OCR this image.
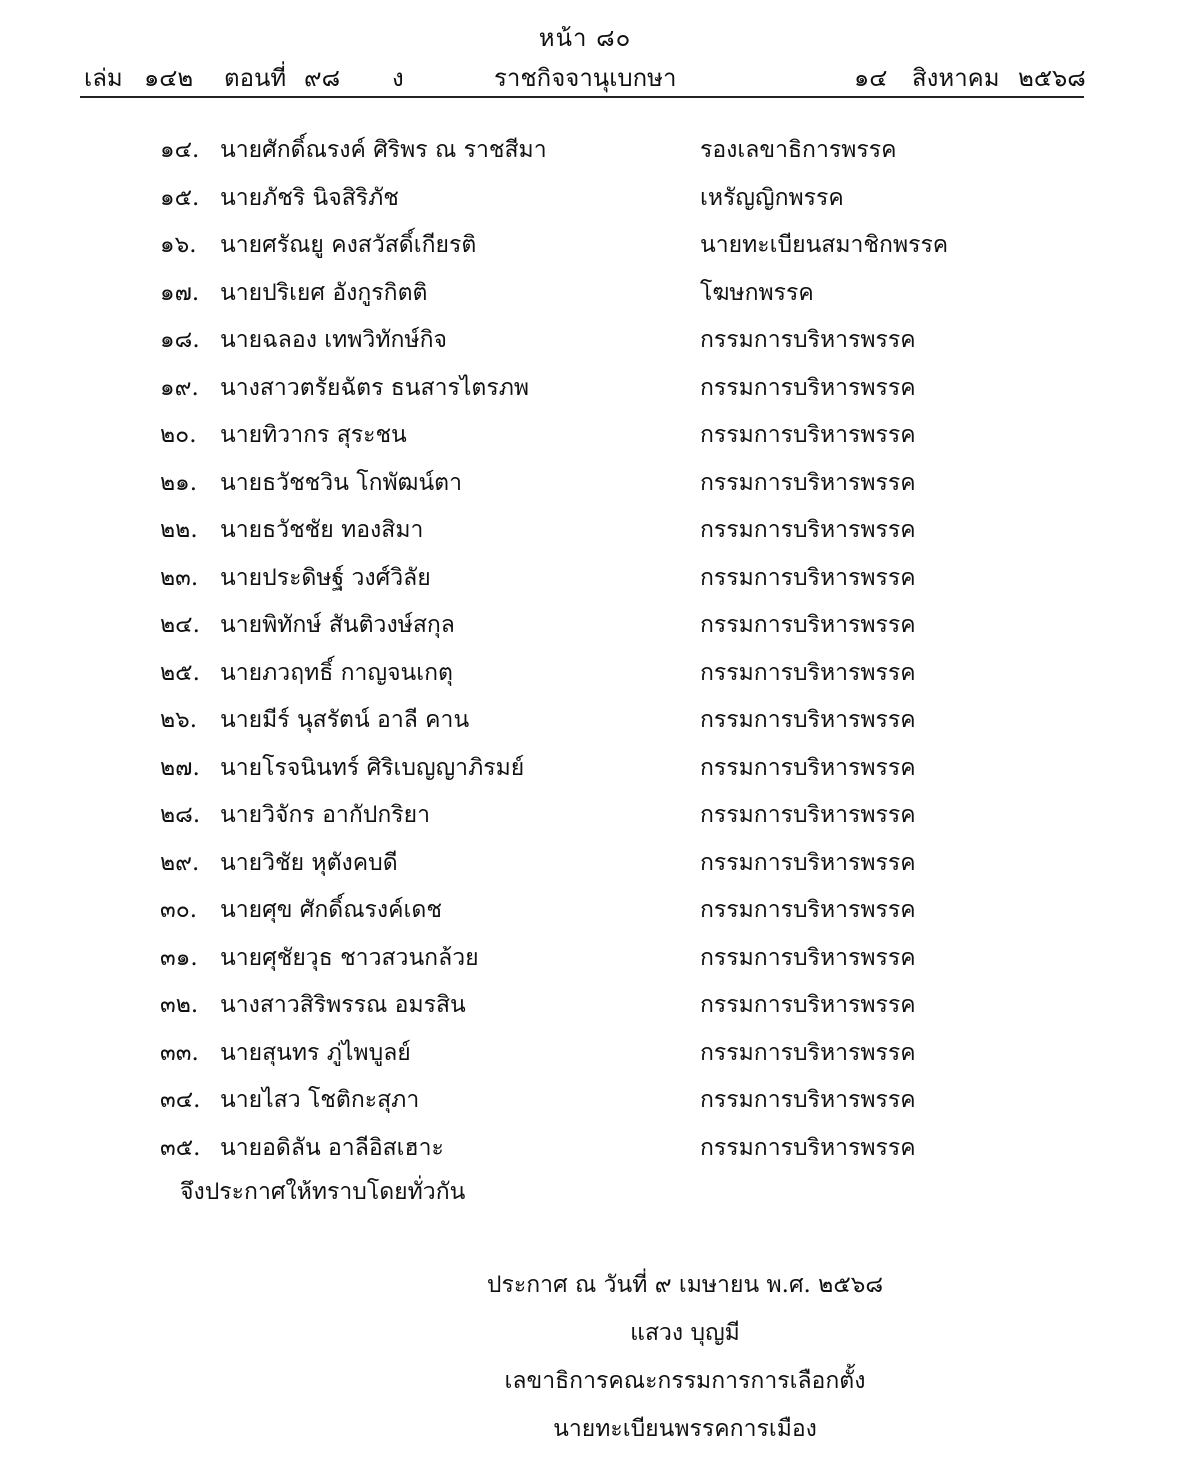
หน้า ๘๐
เล่ม ๑๔๒ ตอนที่ ๙๘ ง	ราชกิจจานุเบกษา	๑๔ สิงหาคม ๒๕๖๘
๑๔. นายศักดิ์ณรงค์ ศิริพร ณ ราชสีมา	รองเลขาธิการพรรค
๑๕. นายภัชริ นิจสิริภัช	เหรัญญิกพรรค
๑๖. นายศรัณยู คงสวัสดิ์เกียรติ	นายทะเบียนสมาชิกพรรค
๑๗. นายปริเยศ อังกูรกิตติ	โฆษกพรรค
๑๘. นายฉลอง เทพวิทักษ์กิจ	กรรมการบริหารพรรค
๑๙. นางสาวตรัยฉัตร ธนสารไตรภพ	กรรมการบริหารพรรค
๒๐. นายทิวากร สุระชน	กรรมการบริหารพรรค
๒๑. นายธวัชชวิน โกพัฒน์ตา	กรรมการบริหารพรรค
๒๒. นายธวัชชัย ทองสิมา	กรรมการบริหารพรรค
๒๓. นายประดิษฐ์ วงศ์วิลัย	กรรมการบริหารพรรค
๒๔. นายพิทักษ์ สันติวงษ์สกุล	กรรมการบริหารพรรค
๒๕. นายภวฤทธิ์ กาญจนเกตุ	กรรมการบริหารพรรค
๒๖. นายมีร์ นุสรัตน์ อาลี คาน	กรรมการบริหารพรรค
๒๗. นายโรจนินทร์ ศิริเบญญาภิรมย์	กรรมการบริหารพรรค
๒๘. นายวิจักร อากัปกริยา	กรรมการบริหารพรรค
๒๙. นายวิชัย หุตังคบดี	กรรมการบริหารพรรค
๓๐. นายศุข ศักดิ์ณรงค์เดช	กรรมการบริหารพรรค
๓๑. นายศุชัยวุธ ชาวสวนกล้วย	กรรมการบริหารพรรค
๓๒. นางสาวสิริพรรณ อมรสิน	กรรมการบริหารพรรค
๓๓. นายสุนทร ภู่ไพบูลย์	กรรมการบริหารพรรค
๓๔. นายไสว โชติกะสุภา	กรรมการบริหารพรรค
๓๕. นายอดิลัน อาลีอิสเฮาะ	กรรมการบริหารพรรค
จึงประกาศให้ทราบโดยทั่วกัน
ประกาศ ณ วันที่ ๙ เมษายน พ.ศ. ๒๕๖๘
แสวง บุญมี
เลขาธิการคณะกรรมการการเลือกตั้ง
นายทะเบียนพรรคการเมือง
